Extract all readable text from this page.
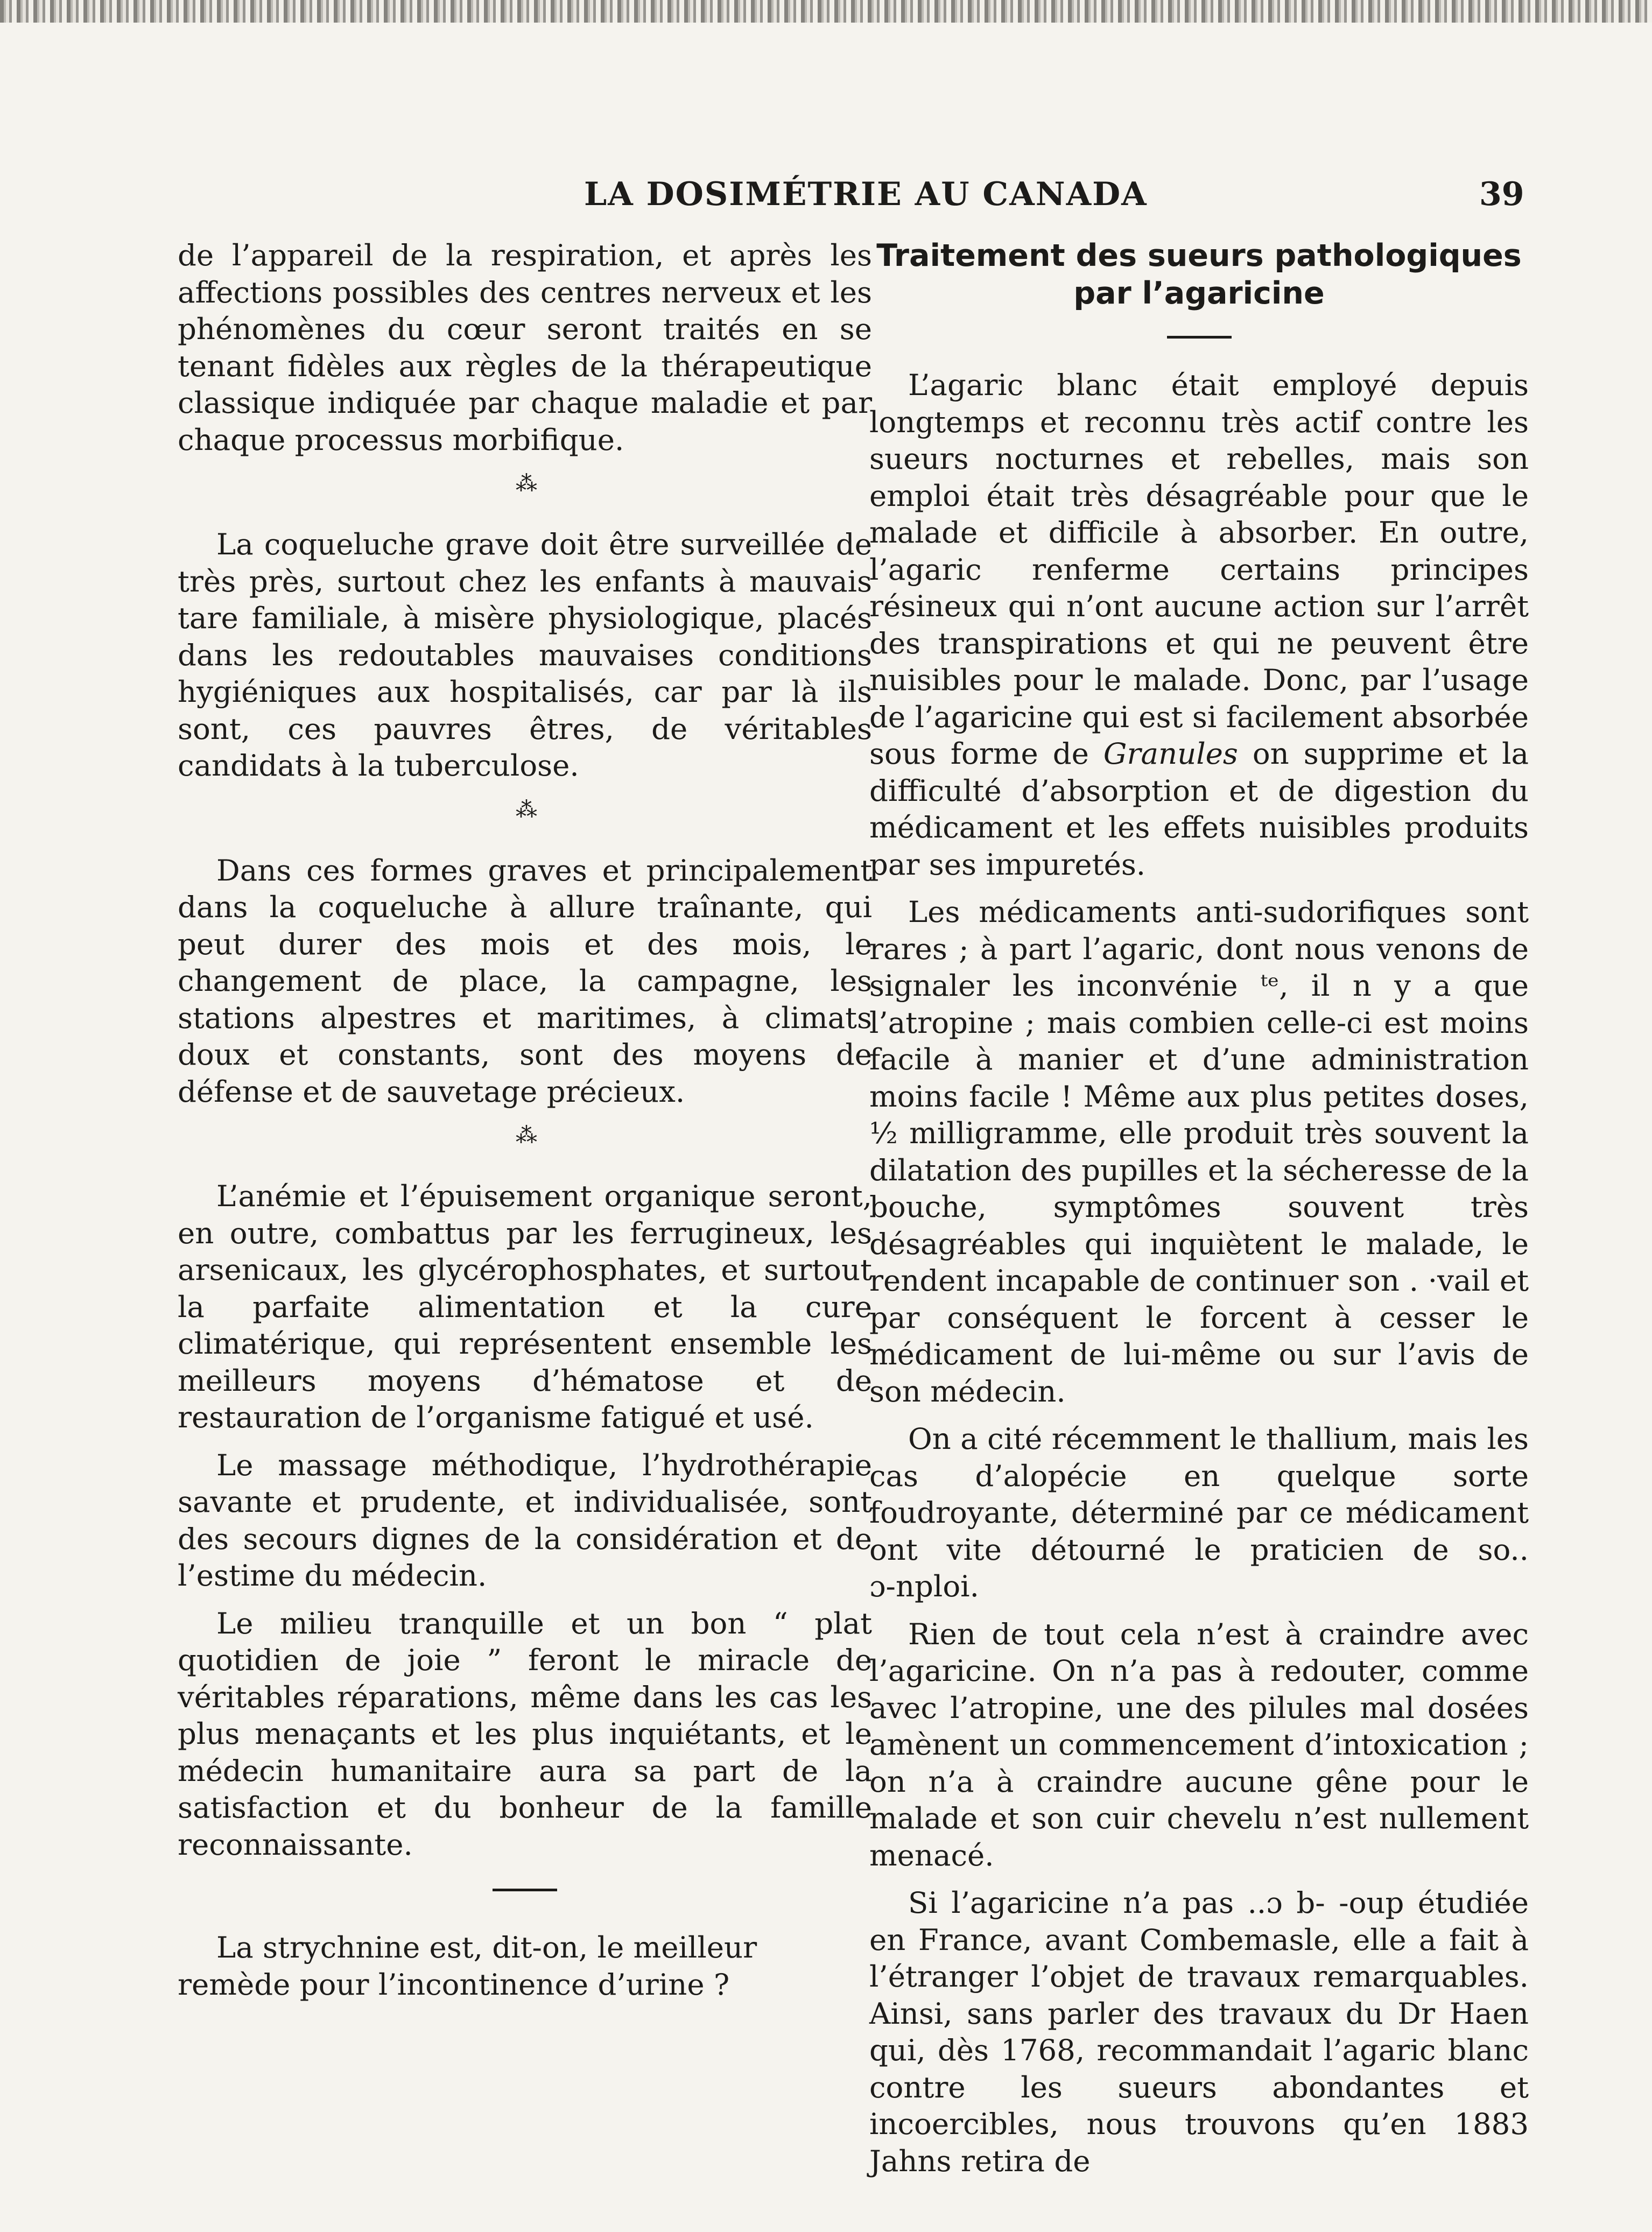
LA DOSIMÉTRIE AU CANADA	39

de l’appareil de la respiration, et après les affections possibles des centres nerveux et les phénomènes du cœur seront traités en se tenant fidèles aux règles de la thérapeutique classique indiquée par chaque maladie et par chaque processus morbifique.

⁂

La coqueluche grave doit être surveillée de très près, surtout chez les enfants à mauvais tare familiale, à misère physiologique, placés dans les redoutables mauvaises conditions hygiéniques aux hospitalisés, car par là ils sont, ces pauvres êtres, de véritables candidats à la tuberculose.

⁂

Dans ces formes graves et principalement dans la coqueluche à allure traînante, qui peut durer des mois et des mois, le changement de place, la campagne, les stations alpestres et maritimes, à climats doux et constants, sont des moyens de défense et de sauvetage précieux.

⁂

L’anémie et l’épuisement organique seront, en outre, combattus par les ferrugineux, les arsenicaux, les glycérophosphates, et surtout la parfaite alimentation et la cure climatérique, qui représentent ensemble les meilleurs moyens d’hématose et de restauration de l’organisme fatigué et usé.

Le massage méthodique, l’hydrothérapie savante et prudente, et individualisée, sont des secours dignes de la considération et de l’estime du médecin.

Le milieu tranquille et un bon “ plat quotidien de joie ” feront le miracle de véritables réparations, même dans les cas les plus menaçants et les plus inquiétants, et le médecin humanitaire aura sa part de la satisfaction et du bonheur de la famille reconnaissante.

La strychnine est, dit-on, le meilleur remède pour l’incontinence d’urine ?

Traitement des sueurs pathologiques par l’agaricine

L’agaric blanc était employé depuis longtemps et reconnu très actif contre les sueurs nocturnes et rebelles, mais son emploi était très désagréable pour que le malade et difficile à absorber. En outre, l’agaric renferme certains principes résineux qui n’ont aucune action sur l’arrêt des transpirations et qui ne peuvent être nuisibles pour le malade. Donc, par l’usage de l’agaricine qui est si facilement absorbée sous forme de Granules on supprime et la difficulté d’absorption et de digestion du médicament et les effets nuisibles produits par ses impuretés.

Les médicaments anti-sudorifiques sont rares ; à part l’agaric, dont nous venons de signaler les inconvénie ᵗᵉ, il n y a que l’atropine ; mais combien celle-ci est moins facile à manier et d’une administration moins facile ! Même aux plus petites doses, ½ milligramme, elle produit très souvent la dilatation des pupilles et la sécheresse de la bouche, symptômes souvent très désagréables qui inquiètent le malade, le rendent incapable de continuer son . ·vail et par conséquent le forcent à cesser le médicament de lui-même ou sur l’avis de son médecin.

On a cité récemment le thallium, mais les cas d’alopécie en quelque sorte foudroyante, déterminé par ce médicament ont vite détourné le praticien de so.. ɔ‑nploi.

Rien de tout cela n’est à craindre avec l’agaricine. On n’a pas à redouter, comme avec l’atropine, une des pilules mal dosées amènent un commencement d’intoxication ; on n’a à craindre aucune gêne pour le malade et son cuir chevelu n’est nullement menacé.

Si l’agaricine n’a pas ..ɔ b‑ ‑oup étudiée en France, avant Combemasle, elle a fait à l’étranger l’objet de travaux remarquables. Ainsi, sans parler des travaux du Dr Haen qui, dès 1768, recommandait l’agaric blanc contre les sueurs abondantes et incoercibles, nous trouvons qu’en 1883 Jahns retira de
